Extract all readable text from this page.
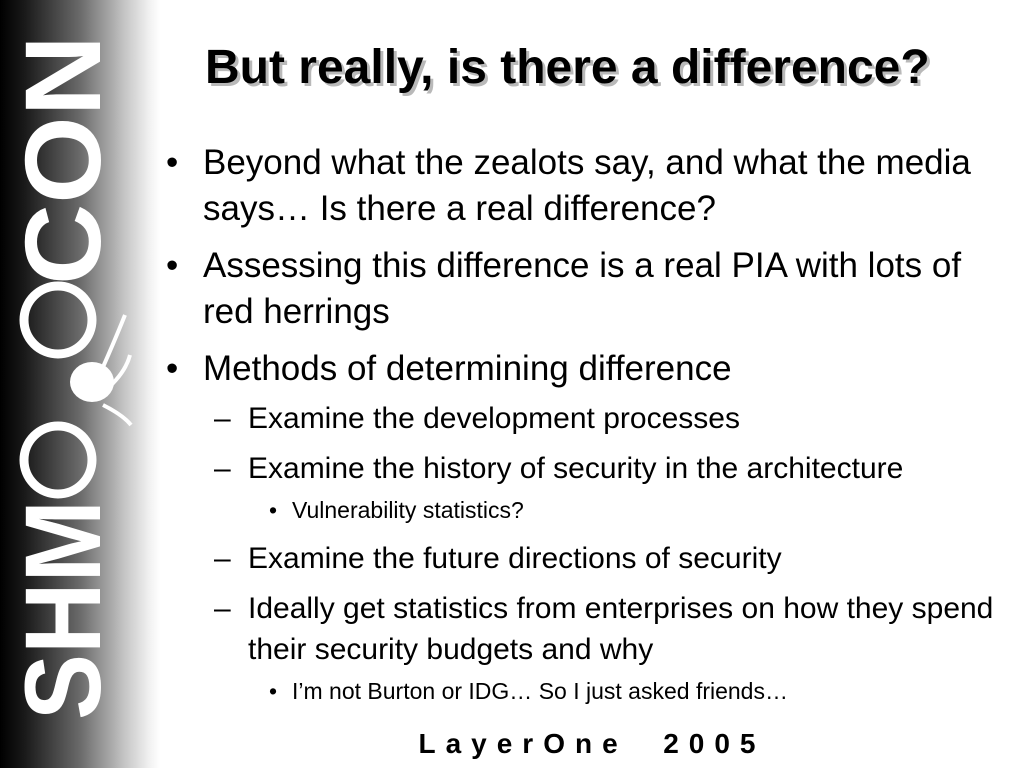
SHM
CON But really, is there a difference?
• Beyond what the zealots say, and what the media says… Is there a real difference?
• Assessing this difference is a real PIA with lots of red herrings
• Methods of determining difference
– Examine the development processes
– Examine the history of security in the architecture
• Vulnerability statistics?
– Examine the future directions of security
– Ideally get statistics from enterprises on how they spend their security budgets and why
• I’m not Burton or IDG… So I just asked friends…
LayerOne  2005
